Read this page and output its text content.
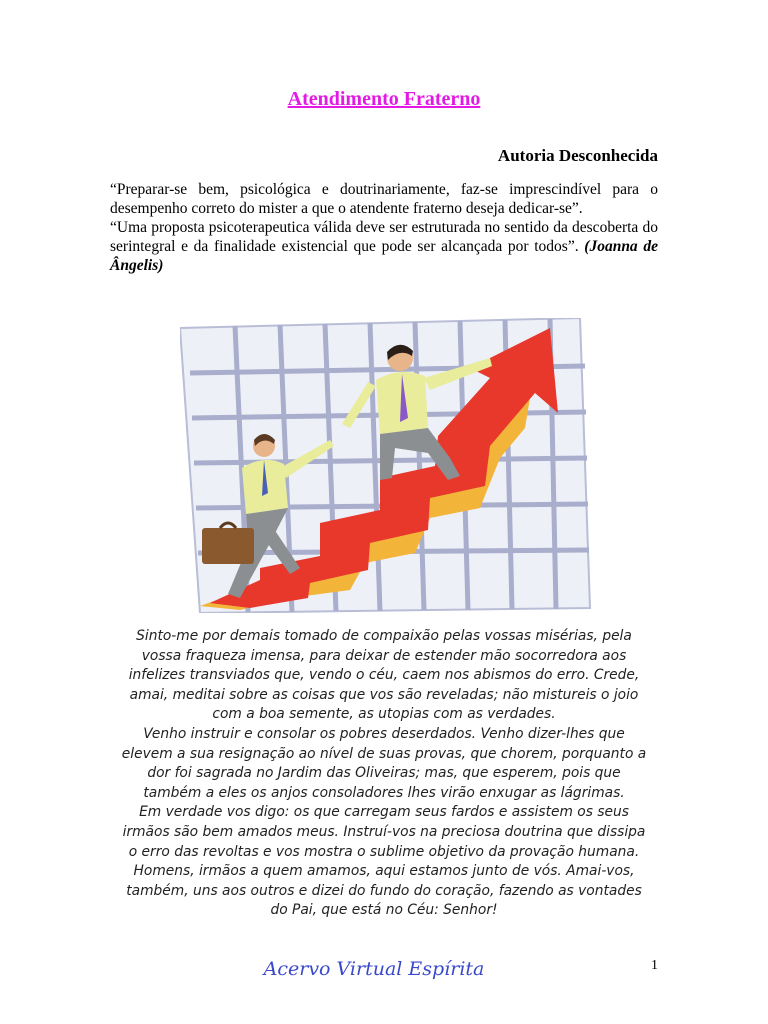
Atendimento Fraterno
Autoria Desconhecida

“Preparar-se bem, psicológica e doutrinariamente, faz-se imprescindível para o desempenho correto do mister a que o atendente fraterno deseja dedicar-se”.

“Uma proposta psicoterapeutica válida deve ser estruturada no sentido da descoberta do serintegral e da finalidade existencial que pode ser alcançada por todos”. (Joanna de Ângelis)

Sinto-me por demais tomado de compaixão pelas vossas misérias, pela

vossa fraqueza imensa, para deixar de estender mão socorredora aos

infelizes transviados que, vendo o céu, caem nos abismos do erro. Crede,

amai, meditai sobre as coisas que vos são reveladas; não mistureis o joio

com a boa semente, as utopias com as verdades.

Venho instruir e consolar os pobres deserdados. Venho dizer-lhes que

elevem a sua resignação ao nível de suas provas, que chorem, porquanto a

dor foi sagrada no Jardim das Oliveiras; mas, que esperem, pois que

também a eles os anjos consoladores lhes virão enxugar as lágrimas.

Em verdade vos digo: os que carregam seus fardos e assistem os seus

irmãos são bem amados meus. Instruí-vos na preciosa doutrina que dissipa

o erro das revoltas e vos mostra o sublime objetivo da provação humana.

Homens, irmãos a quem amamos, aqui estamos junto de vós. Amai-vos,

também, uns aos outros e dizei do fundo do coração, fazendo as vontades

do Pai, que está no Céu: Senhor!

Acervo Virtual Espírita	1
